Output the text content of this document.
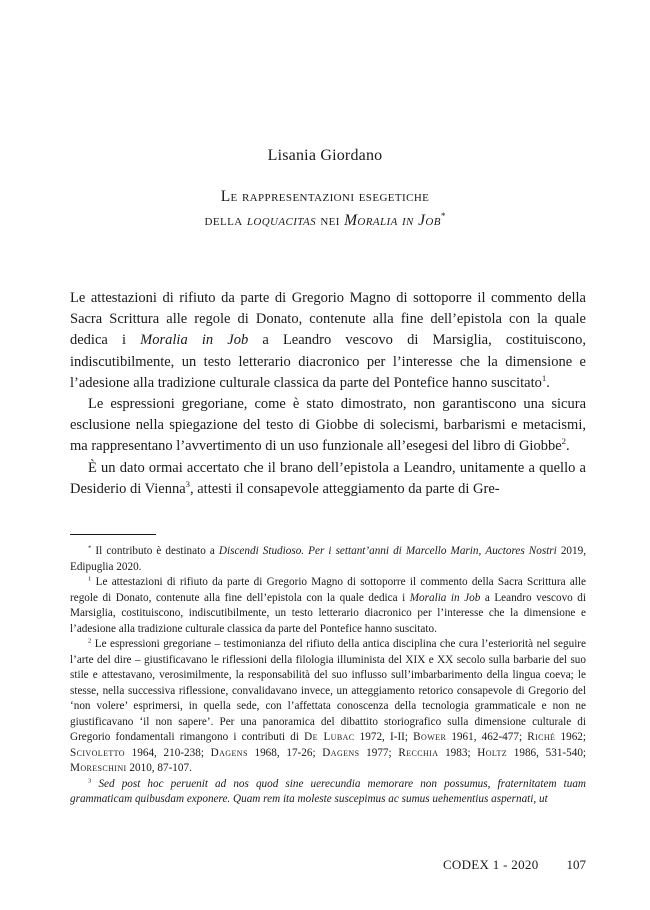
Lisania Giordano
Le rappresentazioni esegetiche
della loquacitas nei Moralia in Job*

Le attestazioni di rifiuto da parte di Gregorio Magno di sottoporre il commento della Sacra Scrittura alle regole di Donato, contenute alla fine dell’epistola con la quale dedica i Moralia in Job a Leandro vescovo di Marsiglia, costituiscono, indiscutibilmente, un testo letterario diacronico per l’interesse che la dimensione e l’adesione alla tradizione culturale classica da parte del Pontefice hanno suscitato$^1$.

Le espressioni gregoriane, come è stato dimostrato, non garantiscono una sicura esclusione nella spiegazione del testo di Giobbe di solecismi, barbarismi e metacismi, ma rappresentano l’avvertimento di un uso funzionale all’esegesi del libro di Giobbe$^2$.

È un dato ormai accertato che il brano dell’epistola a Leandro, unitamente a quello a Desiderio di Vienna$^3$, attesti il consapevole atteggiamento da parte di Gre-

* Il contributo è destinato a Discendi Studioso. Per i settant’anni di Marcello Marin, Auctores Nostri 2019, Edipuglia 2020.

$^1$ Le attestazioni di rifiuto da parte di Gregorio Magno di sottoporre il commento della Sacra Scrittura alle regole di Donato, contenute alla fine dell’epistola con la quale dedica i Moralia in Job a Leandro vescovo di Marsiglia, costituiscono, indiscutibilmente, un testo letterario diacronico per l’interesse che la dimensione e l’adesione alla tradizione culturale classica da parte del Pontefice hanno suscitato.

$^2$ Le espressioni gregoriane – testimonianza del rifiuto della antica disciplina che cura l’esteriorità nel seguire l’arte del dire – giustificavano le riflessioni della filologia illuminista del XIX e XX secolo sulla barbarie del suo stile e attestavano, verosimilmente, la responsabilità del suo influsso sull’imbarbarimento della lingua coeva; le stesse, nella successiva riflessione, convalidavano invece, un atteggiamento retorico consapevole di Gregorio del ‘non volere’ esprimersi, in quella sede, con l’affettata conoscenza della tecnologia grammaticale e non ne giustificavano ‘il non sapere’. Per una panoramica del dibattito storiografico sulla dimensione culturale di Gregorio fondamentali rimangono i contributi di De Lubac 1972, I-II; Bower 1961, 462-477; Riché 1962; Scivoletto 1964, 210-238; Dagens 1968, 17-26; Dagens 1977; Recchia 1983; Holtz 1986, 531-540; Moreschini 2010, 87-107.

$^3$ Sed post hoc peruenit ad nos quod sine uerecundia memorare non possumus, fraternitatem tuam grammaticam quibusdam exponere. Quam rem ita moleste suscepimus ac sumus uehementius aspernati, ut

CODEX 1 - 2020 107
